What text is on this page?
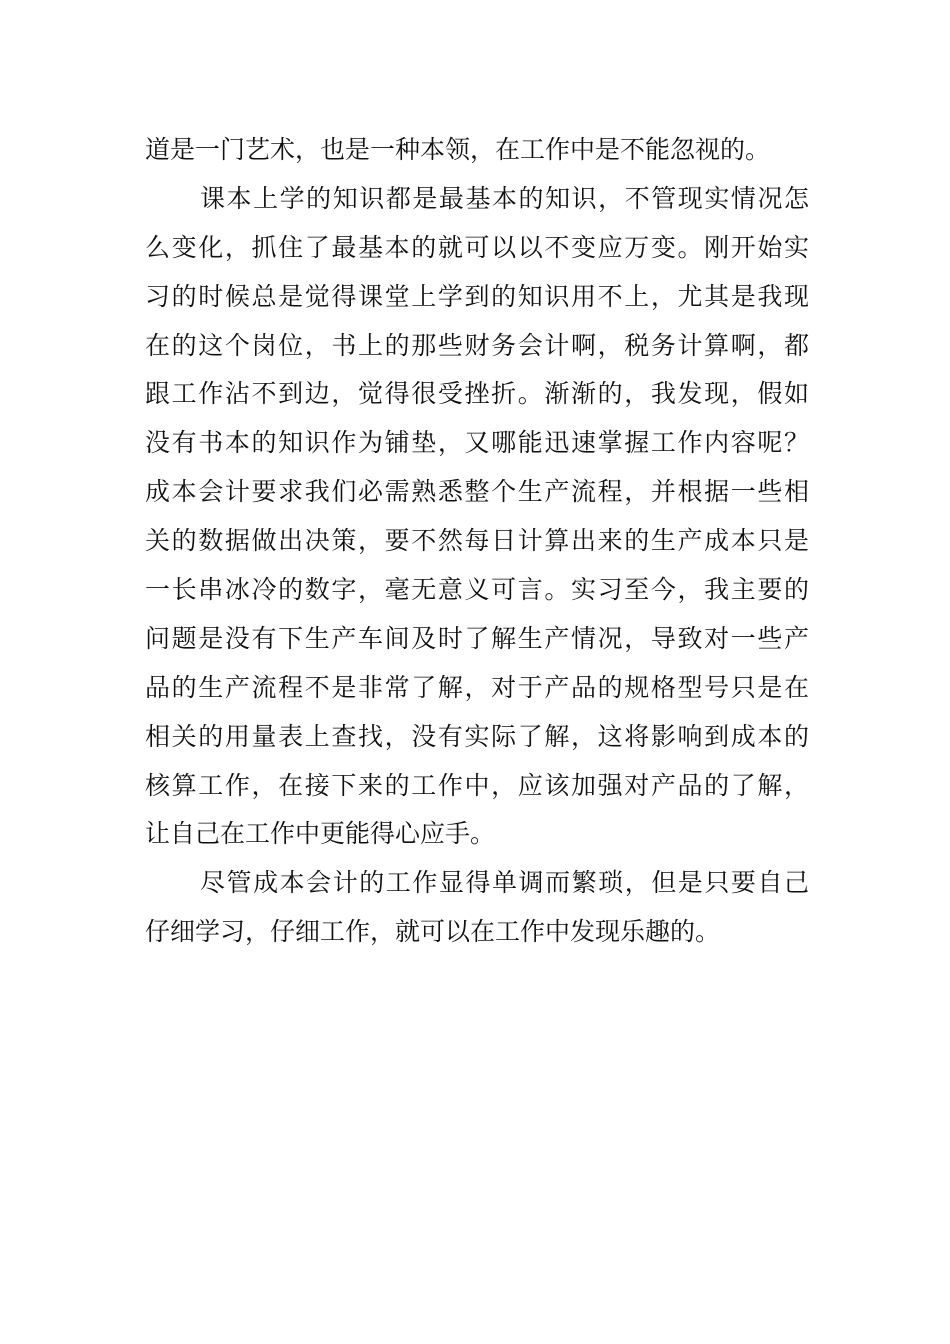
道是一门艺术，也是一种本领，在工作中是不能忽视的。
课本上学的知识都是最基本的知识，不管现实情况怎
么变化，抓住了最基本的就可以以不变应万变。刚开始实
习的时候总是觉得课堂上学到的知识用不上，尤其是我现
在的这个岗位，书上的那些财务会计啊，税务计算啊，都
跟工作沾不到边，觉得很受挫折。渐渐的，我发现，假如
没有书本的知识作为铺垫，又哪能迅速掌握工作内容呢？
成本会计要求我们必需熟悉整个生产流程，并根据一些相
关的数据做出决策，要不然每日计算出来的生产成本只是
一长串冰冷的数字，毫无意义可言。实习至今，我主要的
问题是没有下生产车间及时了解生产情况，导致对一些产
品的生产流程不是非常了解，对于产品的规格型号只是在
相关的用量表上查找，没有实际了解，这将影响到成本的
核算工作，在接下来的工作中，应该加强对产品的了解，
让自己在工作中更能得心应手。
尽管成本会计的工作显得单调而繁琐，但是只要自己
仔细学习，仔细工作，就可以在工作中发现乐趣的。
